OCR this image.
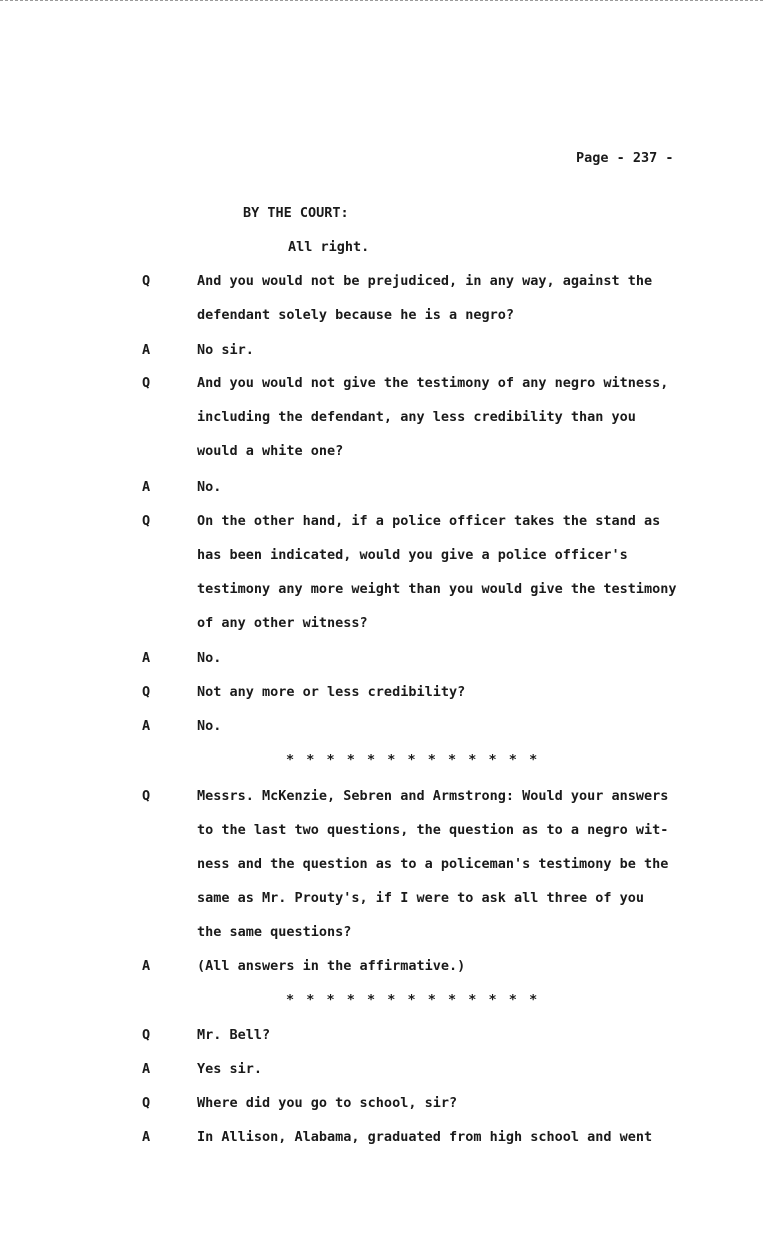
Page - 237 -
BY THE COURT:
All right.
Q	And you would not be prejudiced, in any way, against the
defendant solely because he is a negro?
A	No sir.
Q	And you would not give the testimony of any negro witness,
including the defendant, any less credibility than you
would a white one?
A	No.
Q	On the other hand, if a police officer takes the stand as
has been indicated, would you give a police officer's
testimony any more weight than you would give the testimony
of any other witness?
A	No.
Q	Not any more or less credibility?
A	No.
* * * * * * * * * * * * *
Q	Messrs. McKenzie, Sebren and Armstrong: Would your answers
to the last two questions, the question as to a negro wit-
ness and the question as to a policeman's testimony be the
same as Mr. Prouty's, if I were to ask all three of you
the same questions?
A	(All answers in the affirmative.)
* * * * * * * * * * * * *
Q	Mr. Bell?
A	Yes sir.
Q	Where did you go to school, sir?
A	In Allison, Alabama, graduated from high school and went
